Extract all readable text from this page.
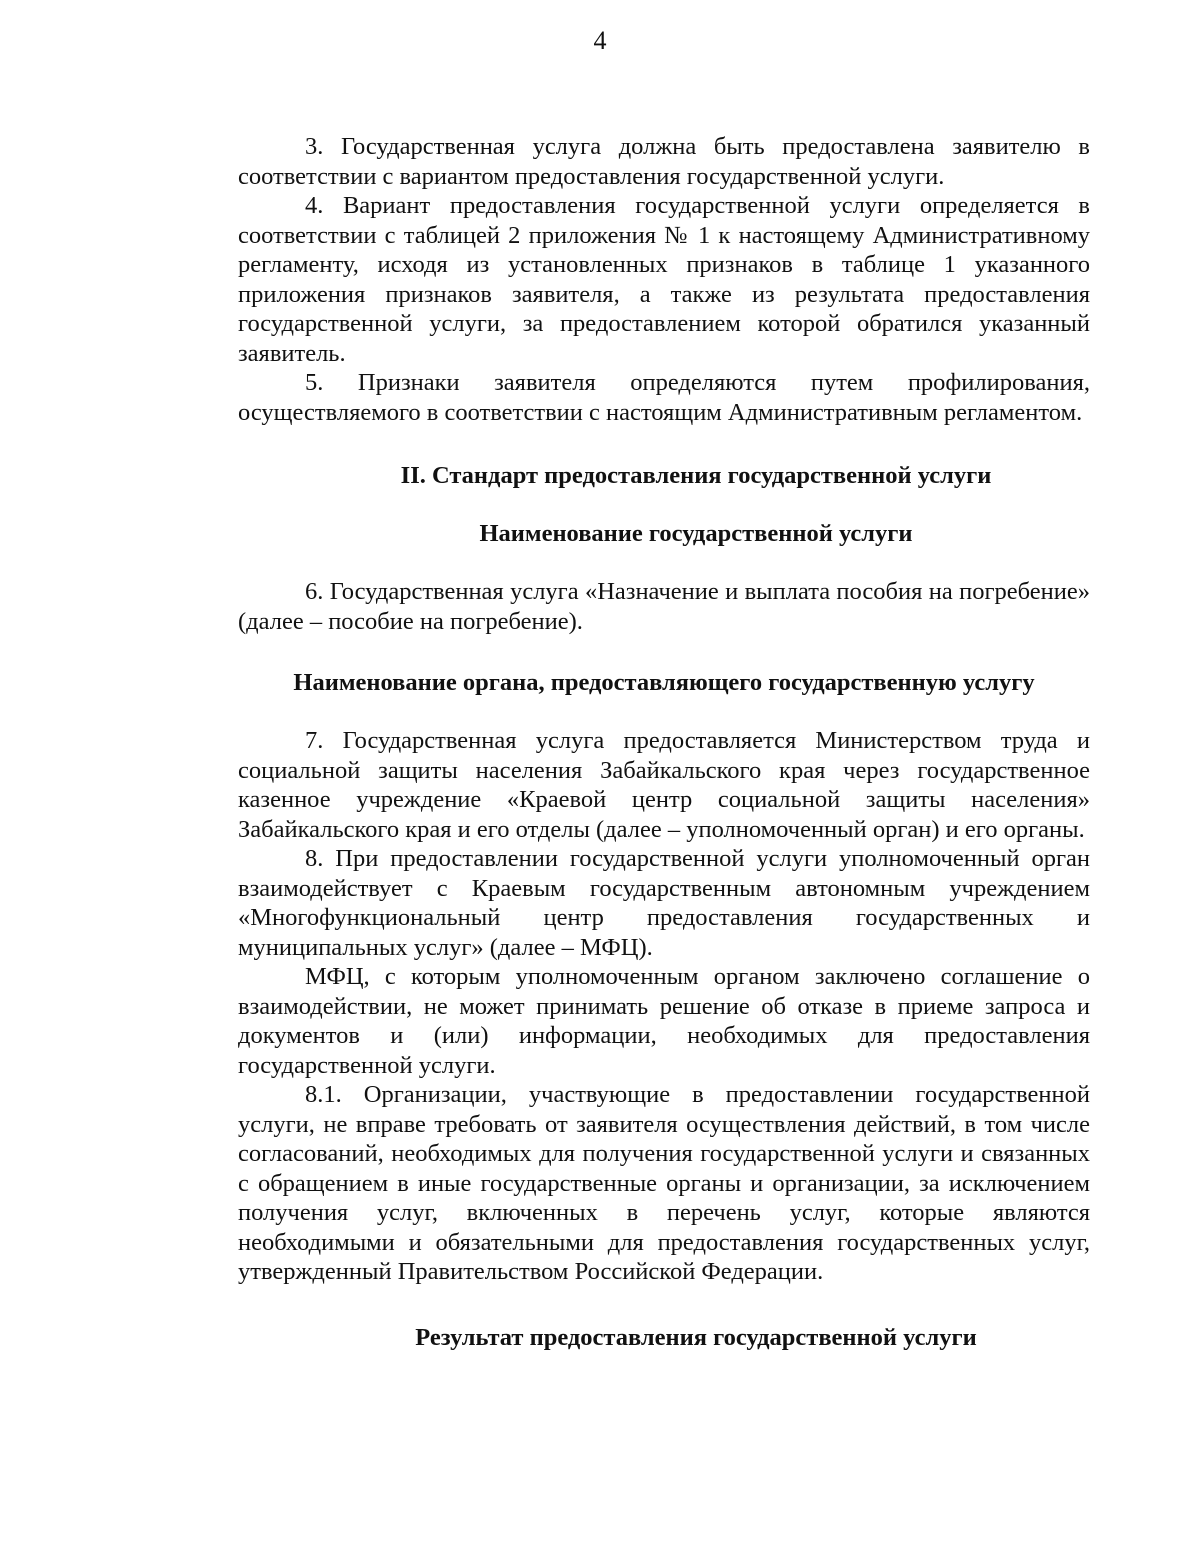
4

3. Государственная услуга должна быть предоставлена заявителю в соответствии с вариантом предоставления государственной услуги.

4. Вариант предоставления государственной услуги определяется в соответствии с таблицей 2 приложения № 1 к настоящему Административному регламенту, исходя из установленных признаков в таблице 1 указанного приложения признаков заявителя, а также из результата предоставления государственной услуги, за предоставлением которой обратился указанный заявитель.

5. Признаки заявителя определяются путем профилирования, осуществляемого в соответствии с настоящим Административным регламентом.

II. Стандарт предоставления государственной услуги

Наименование государственной услуги

6. Государственная услуга «Назначение и выплата пособия на погребение» (далее – пособие на погребение).

Наименование органа, предоставляющего государственную услугу

7. Государственная услуга предоставляется Министерством труда и социальной защиты населения Забайкальского края через государственное казенное учреждение «Краевой центр социальной защиты населения» Забайкальского края и его отделы (далее – уполномоченный орган) и его органы.

8. При предоставлении государственной услуги уполномоченный орган взаимодействует с Краевым государственным автономным учреждением «Многофункциональный центр предоставления государственных и муниципальных услуг» (далее – МФЦ).

МФЦ, с которым уполномоченным органом заключено соглашение о взаимодействии, не может принимать решение об отказе в приеме запроса и документов и (или) информации, необходимых для предоставления государственной услуги.

8.1. Организации, участвующие в предоставлении государственной услуги, не вправе требовать от заявителя осуществления действий, в том числе согласований, необходимых для получения государственной услуги и связанных с обращением в иные государственные органы и организации, за исключением получения услуг, включенных в перечень услуг, которые являются необходимыми и обязательными для предоставления государственных услуг, утвержденный Правительством Российской Федерации.

Результат предоставления государственной услуги
